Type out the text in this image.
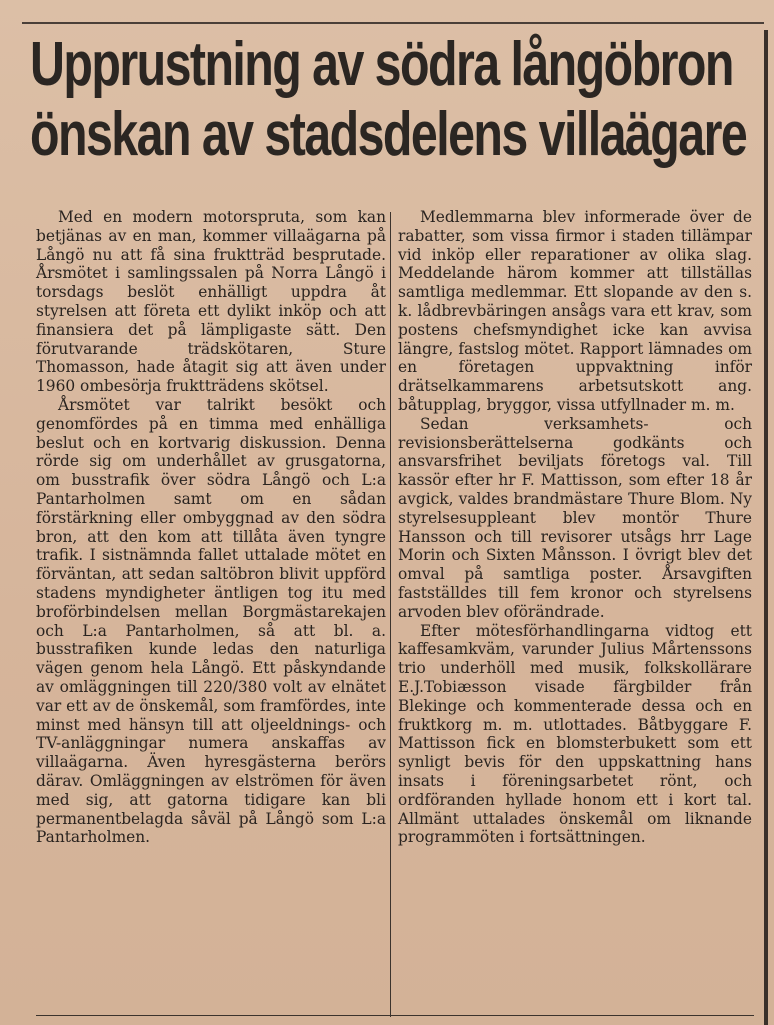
Upprustning av södra långöbron
önskan av stadsdelens villaägare

Med en modern motorspruta, som kan betjänas av en man, kommer villaägarna på Långö nu att få sina fruktträd besprutade. Årsmötet i samlingssalen på Norra Långö i torsdags beslöt enhälligt uppdra åt styrelsen att företa ett dylikt inköp och att finansiera det på lämpligaste sätt. Den förutvarande trädskötaren, Sture Thomasson, hade åtagit sig att även under 1960 ombesörja fruktträdens skötsel.

Årsmötet var talrikt besökt och genomfördes på en timma med enhälliga beslut och en kortvarig diskussion. Denna rörde sig om underhållet av grusgatorna, om busstrafik över södra Långö och L:a Pantarholmen samt om en sådan förstärkning eller ombyggnad av den södra bron, att den kom att tillåta även tyngre trafik. I sistnämnda fallet uttalade mötet en förväntan, att sedan saltöbron blivit uppförd stadens myndigheter äntligen tog itu med broförbindelsen mellan Borgmästarekajen och L:a Pantarholmen, så att bl. a. busstrafiken kunde ledas den naturliga vägen genom hela Långö. Ett påskyndande av omläggningen till 220/380 volt av elnätet var ett av de önskemål, som framfördes, inte minst med hänsyn till att oljeeldnings- och TV-anläggningar numera anskaffas av villaägarna. Även hyresgästerna berörs därav. Omläggningen av elströmen för även med sig, att gatorna tidigare kan bli permanentbelagda såväl på Långö som L:a Pantarholmen.

Medlemmarna blev informerade över de rabatter, som vissa firmor i staden tillämpar vid inköp eller reparationer av olika slag. Meddelande härom kommer att tillställas samtliga medlemmar. Ett slopande av den s. k. lådbrevbäringen ansågs vara ett krav, som postens chefsmyndighet icke kan avvisa längre, fastslog mötet. Rapport lämnades om en företagen uppvaktning inför drätselkammarens arbetsutskott ang. båtupplag, bryggor, vissa utfyllnader m. m.

Sedan verksamhets- och revisionsberättelserna godkänts och ansvarsfrihet beviljats företogs val. Till kassör efter hr F. Mattisson, som efter 18 år avgick, valdes brandmästare Thure Blom. Ny styrelsesuppleant blev montör Thure Hansson och till revisorer utsågs hrr Lage Morin och Sixten Månsson. I övrigt blev det omval på samtliga poster. Årsavgiften fastställdes till fem kronor och styrelsens arvoden blev oförändrade.

Efter mötesförhandlingarna vidtog ett kaffesamkväm, varunder Julius Mårtenssons trio underhöll med musik, folkskollärare E.J.Tobiæsson visade färgbilder från Blekinge och kommenterade dessa och en fruktkorg m. m. utlottades. Båtbyggare F. Mattisson fick en blomsterbukett som ett synligt bevis för den uppskattning hans insats i föreningsarbetet rönt, och ordföranden hyllade honom ett i kort tal. Allmänt uttalades önskemål om liknande programmöten i fortsättningen.
